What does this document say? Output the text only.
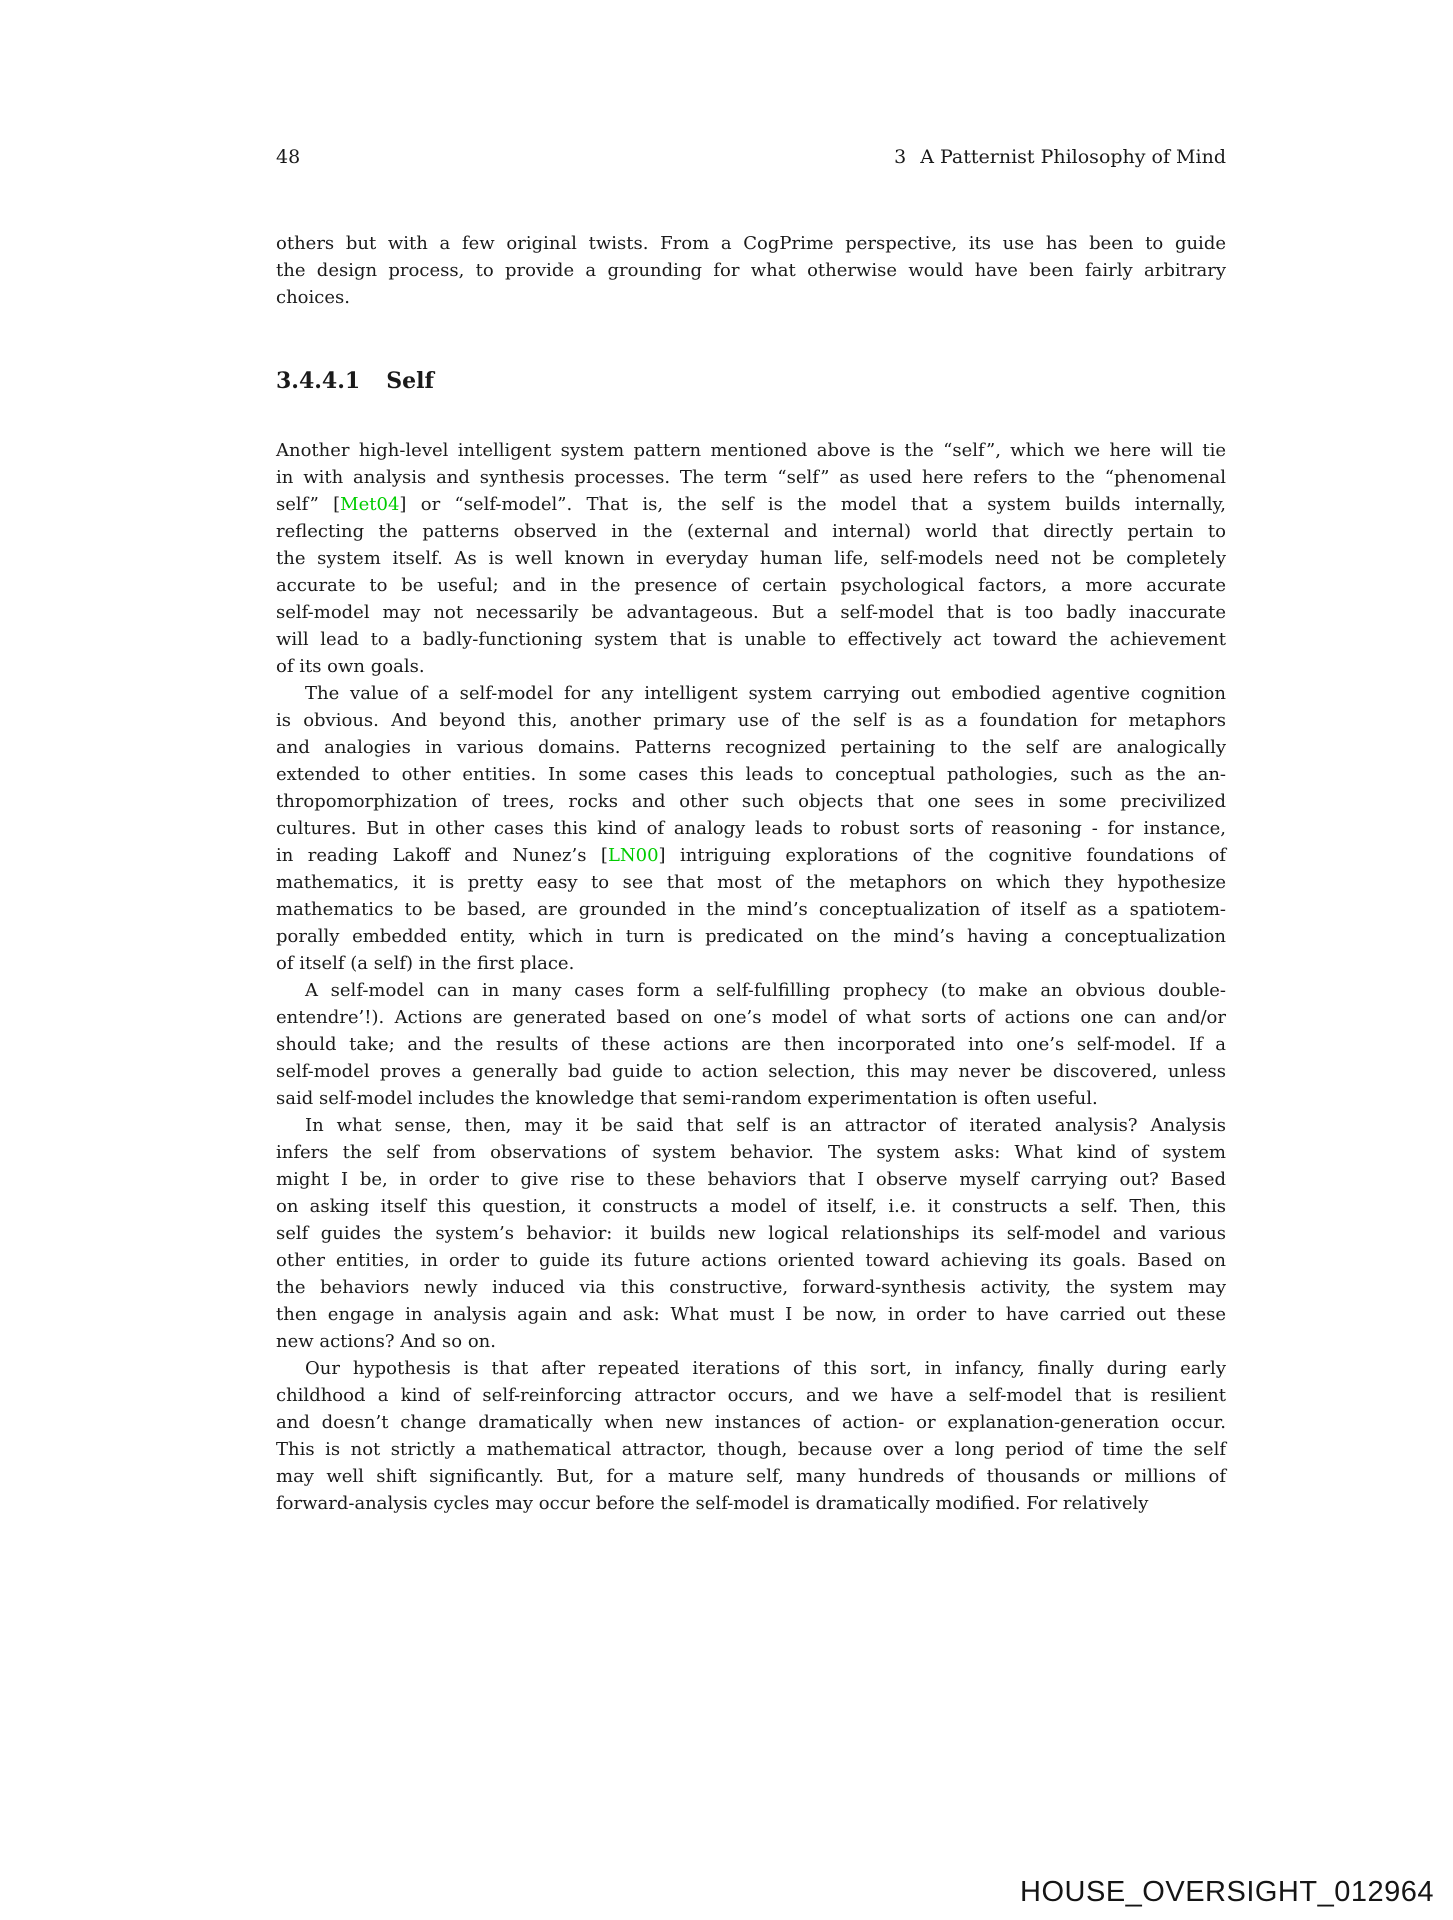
48	3 A Patternist Philosophy of Mind
others but with a few original twists. From a CogPrime perspective, its use has been to guide
the design process, to provide a grounding for what otherwise would have been fairly arbitrary
choices.
3.4.4.1 Self
Another high-level intelligent system pattern mentioned above is the “self”, which we here will tie
in with analysis and synthesis processes. The term “self” as used here refers to the “phenomenal
self” [Met04] or “self-model”. That is, the self is the model that a system builds internally,
reflecting the patterns observed in the (external and internal) world that directly pertain to
the system itself. As is well known in everyday human life, self-models need not be completely
accurate to be useful; and in the presence of certain psychological factors, a more accurate
self-model may not necessarily be advantageous. But a self-model that is too badly inaccurate
will lead to a badly-functioning system that is unable to effectively act toward the achievement
of its own goals.
The value of a self-model for any intelligent system carrying out embodied agentive cognition
is obvious. And beyond this, another primary use of the self is as a foundation for metaphors
and analogies in various domains. Patterns recognized pertaining to the self are analogically
extended to other entities. In some cases this leads to conceptual pathologies, such as the an-
thropomorphization of trees, rocks and other such objects that one sees in some precivilized
cultures. But in other cases this kind of analogy leads to robust sorts of reasoning - for instance,
in reading Lakoff and Nunez’s [LN00] intriguing explorations of the cognitive foundations of
mathematics, it is pretty easy to see that most of the metaphors on which they hypothesize
mathematics to be based, are grounded in the mind’s conceptualization of itself as a spatiotem-
porally embedded entity, which in turn is predicated on the mind’s having a conceptualization
of itself (a self) in the first place.
A self-model can in many cases form a self-fulfilling prophecy (to make an obvious double-
entendre’!). Actions are generated based on one’s model of what sorts of actions one can and/or
should take; and the results of these actions are then incorporated into one’s self-model. If a
self-model proves a generally bad guide to action selection, this may never be discovered, unless
said self-model includes the knowledge that semi-random experimentation is often useful.
In what sense, then, may it be said that self is an attractor of iterated analysis? Analysis
infers the self from observations of system behavior. The system asks: What kind of system
might I be, in order to give rise to these behaviors that I observe myself carrying out? Based
on asking itself this question, it constructs a model of itself, i.e. it constructs a self. Then, this
self guides the system’s behavior: it builds new logical relationships its self-model and various
other entities, in order to guide its future actions oriented toward achieving its goals. Based on
the behaviors newly induced via this constructive, forward-synthesis activity, the system may
then engage in analysis again and ask: What must I be now, in order to have carried out these
new actions? And so on.
Our hypothesis is that after repeated iterations of this sort, in infancy, finally during early
childhood a kind of self-reinforcing attractor occurs, and we have a self-model that is resilient
and doesn’t change dramatically when new instances of action- or explanation-generation occur.
This is not strictly a mathematical attractor, though, because over a long period of time the self
may well shift significantly. But, for a mature self, many hundreds of thousands or millions of
forward-analysis cycles may occur before the self-model is dramatically modified. For relatively
HOUSE_OVERSIGHT_012964
